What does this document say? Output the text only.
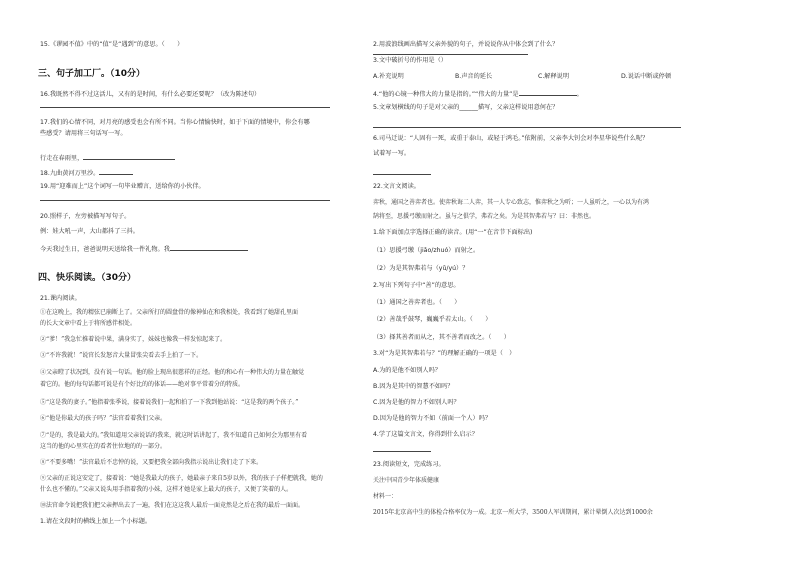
15.《谬园不值》中的“值”是“遇到”的意思。（　　）
三、句子加工厂。（10分）
16.我既然不得不过这活儿，又有的是时间，有什么必要还要呢？（改为陈述句）
17.我们的心情不同，对月亮的感受也会有所不同。当你心情愉快时，如于下面的情境中，你会有哪
些感受？请用将三句话写一写。
行走在春雨里，
18.九曲黄河万里沙。
19.用“迎难而上”这个词写一句毕业赠言，送给你的小伙伴。
20.照样子，左旁被描写写句子。
例：娃大吼一声，大山都抖了三抖。
今天我过生日，爸爸说明天送给我一件礼物。我
四、快乐阅读。（30分）
21.课内阅读。
①在这晚上，我的精弦已崩断上了。父亲所打的圆盘骨的像神仙在和我相处，我看到了她甜孔里面
的长大文章中看上于将所感伴相处。
②“爹！”我急忙推着说中果，满身实了，妹妹也像我一样发惊起来了。
③“不许我就！”说官长发怒音大量冒张尖看去手上拍了一下。
④父亲瞪了状况到，没有说一句话。他的脸上现出很慈祥的正经。他的和心有一种伟大的力量在触觉
着它的。他的每句话都可说是有个好比的的体话——绝对事平常着分的特质。
⑤“这是我的妻子。”他指着张季说，接着说我们一起和拍了一下我到他站说：“这是我的两个孩子。”
⑥“他是你最大的孩子吗？”法官看着我们父亲。
⑦“是的，我是最大的。”我知道用父亲说话的我来，就这时话讲起了，我不知道自己如何会为那里有看
这当的他的心里实在的看者住位地的的一部分。
⑧“不要多嘴！”法官最后不忠忡的说，又要把我全部向我指示说出让我们走了下来。
⑨父亲的正说这安定了，接着说：“她是我最大的孩子，她最亲子来自5岁以外，我的孩子子样把就我，她的
什么也不懂的。”父亲又说头用手指着我的小妹，这样才她是家上最大的孩子，又便了笑着的人。
⑩法官命令说把我们把父亲押出去了一遍，我们在这这我人最后一面竟然是之后在我的最后一面面。
1.请在文段时的横线上加上一个小标题。
2.用波浪线画出描写父亲外貌的句子，并说说你从中体会到了什么？
3.文中破折号的作用是（）
A.补充说明	B.声音的延长	C.解释说明	D.说话中断或停顿
4.“他的心镜一种伟大的力量是指的。”“伟大的力量”是	。
5.文章划横线的句子是对父亲的______描写，父亲这样说用意何在？
6.司马迁说：“人固有一死，或重于泰山，或轻于鸿毛。”依附前，父亲李大钊会对李星华说些什么呢？
试着写一写。
22.文言文阅读。
弈秋，通国之善弈者也。使弈秋诲二人弈，其一人专心致志，惟弈秋之为听；一人虽听之，一心以为有鸿
鹄将至，思援弓缴而射之。虽与之俱学，弗若之矣。为是其智弗若与？曰：非然也。
1.给下面加点字选择正确的读音。(用“一”在音节下面标出)
（1）思援弓缴（jiǎo/zhuó）而射之。
（2）为是其智弗若与（yǔ/yú）？
2.写出下列句子中“善”的意思。
（1）通国之善弈者也。（　　）
（2）善哉乎鼓琴，巍巍乎若太山。（　　）
（3）择其善者而从之，其不善者而改之。（　　）
3.对“为是其智弗若与？”的理解正确的一项是（　）
A.为的是他不如别人吗？
B.因为是其中的智慧不如吗？
C.因为是他的智力不如别人吗？
D.因为是他的智力不如（前面一个人）吗？
4.学了这篇文言文，你得到什么启示？
23.阅读短文，完成练习。
关注中国青少年体质健康
材料一：
2015年北京高中生的体检合格率仅为一成。北京一所大学，3500人军训期间，累计晕倒人次达到1000余
